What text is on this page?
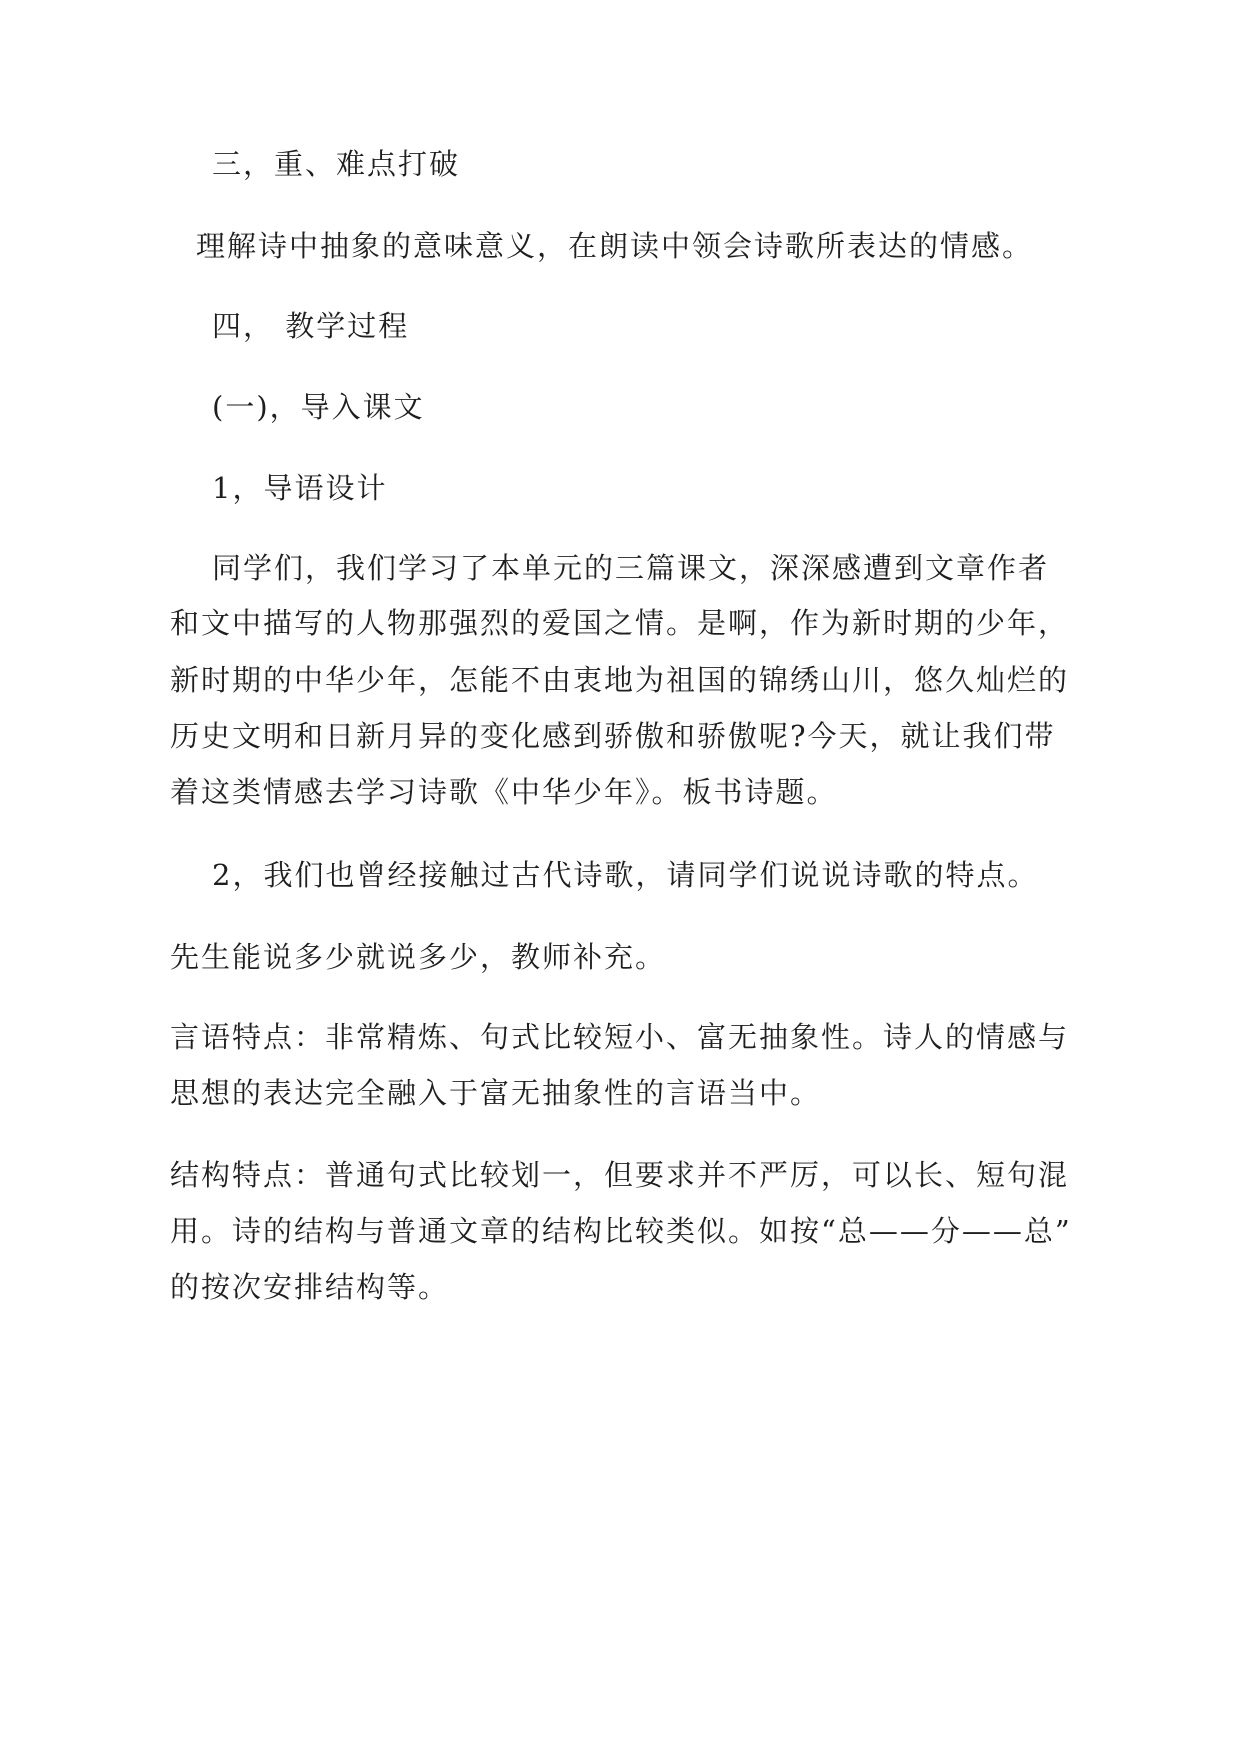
三，重、难点打破
理解诗中抽象的意味意义，在朗读中领会诗歌所表达的情感。
四， 教学过程
(一)，导入课文
1，导语设计
同学们，我们学习了本单元的三篇课文，深深感遭到文章作者
和文中描写的人物那强烈的爱国之情。是啊，作为新时期的少年，
新时期的中华少年，怎能不由衷地为祖国的锦绣山川，悠久灿烂的
历史文明和日新月异的变化感到骄傲和骄傲呢?今天，就让我们带
着这类情感去学习诗歌《中华少年》。板书诗题。
2，我们也曾经接触过古代诗歌，请同学们说说诗歌的特点。
先生能说多少就说多少，教师补充。
言语特点：非常精炼、句式比较短小、富无抽象性。诗人的情感与
思想的表达完全融入于富无抽象性的言语当中。
结构特点：普通句式比较划一，但要求并不严厉，可以长、短句混
用。诗的结构与普通文章的结构比较类似。如按“总——分——总”
的按次安排结构等。
